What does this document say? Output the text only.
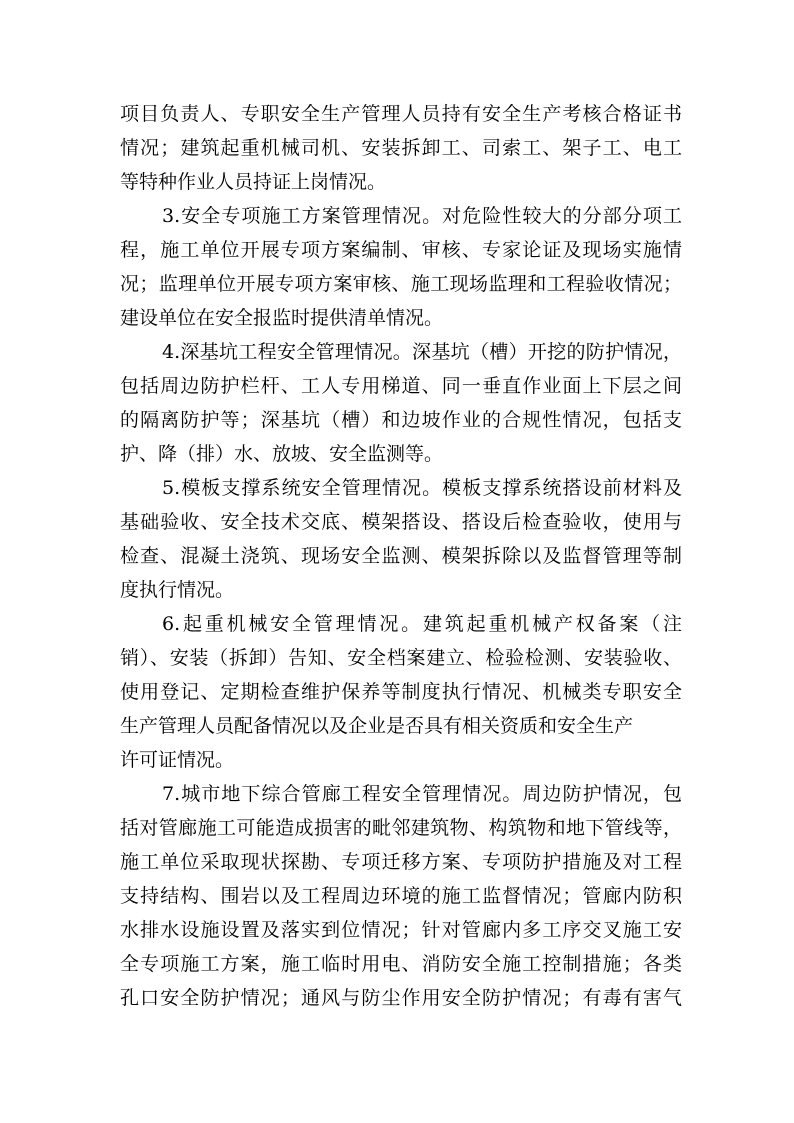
项目负责人、专职安全生产管理人员持有安全生产考核合格证书
情况；建筑起重机械司机、安装拆卸工、司索工、架子工、电工
等特种作业人员持证上岗情况。
3.安全专项施工方案管理情况。对危险性较大的分部分项工
程，施工单位开展专项方案编制、审核、专家论证及现场实施情
况；监理单位开展专项方案审核、施工现场监理和工程验收情况；
建设单位在安全报监时提供清单情况。
4.深基坑工程安全管理情况。深基坑（槽）开挖的防护情况，
包括周边防护栏杆、工人专用梯道、同一垂直作业面上下层之间
的隔离防护等；深基坑（槽）和边坡作业的合规性情况，包括支
护、降（排）水、放坡、安全监测等。
5.模板支撑系统安全管理情况。模板支撑系统搭设前材料及
基础验收、安全技术交底、模架搭设、搭设后检查验收，使用与
检查、混凝土浇筑、现场安全监测、模架拆除以及监督管理等制
度执行情况。
6.起重机械安全管理情况。建筑起重机械产权备案（注
销）、安装（拆卸）告知、安全档案建立、检验检测、安装验收、
使用登记、定期检查维护保养等制度执行情况、机械类专职安全
生产管理人员配备情况以及企业是否具有相关资质和安全生产
许可证情况。
7.城市地下综合管廊工程安全管理情况。周边防护情况，包
括对管廊施工可能造成损害的毗邻建筑物、构筑物和地下管线等，
施工单位采取现状探勘、专项迁移方案、专项防护措施及对工程
支持结构、围岩以及工程周边环境的施工监督情况；管廊内防积
水排水设施设置及落实到位情况；针对管廊内多工序交叉施工安
全专项施工方案，施工临时用电、消防安全施工控制措施；各类
孔口安全防护情况；通风与防尘作用安全防护情况；有毒有害气
